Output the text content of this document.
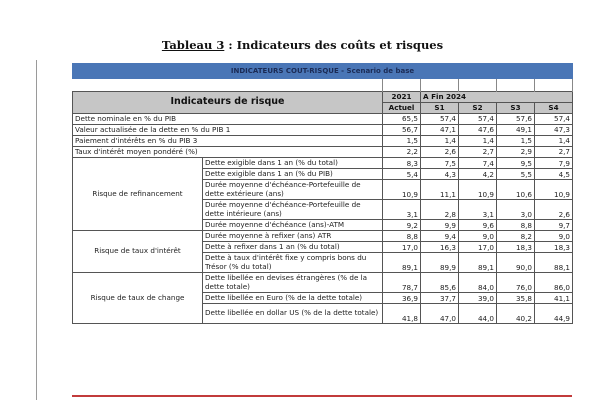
Tableau 3 : Indicateurs des coûts et risques
INDICATEURS COUT-RISQUE - Scenario de base						

Indicateurs de risque		2021	A Fin 2024			
		Actuel	S1	S2	S3	S4
Dette nominale en % du PIB		65,5	57,4	57,4	57,6	57,4
Valeur actualisée de la dette en % du PIB 1		56,7	47,1	47,6	49,1	47,3
Paiement d'intérêts en % du PIB 3		1,5	1,4	1,4	1,5	1,4
Taux d'intérêt moyen pondéré (%)		2,2	2,6	2,7	2,9	2,7
Risque de refinancement	Dette exigible dans 1 an (% du total)	8,3	7,5	7,4	9,5	7,9
	Dette exigible dans 1 an (% du PIB)	5,4	4,3	4,2	5,5	4,5
	Durée moyenne d'échéance-Portefeuille de dette extérieure (ans)	10,9	11,1	10,9	10,6	10,9
	Durée moyenne d'échéance-Portefeuille de dette intérieure (ans)	3,1	2,8	3,1	3,0	2,6
	Durée moyenne d'échéance (ans)-ATM	9,2	9,9	9,6	8,8	9,7
Risque de taux d'intérêt	Durée moyenne à refixer (ans) ATR	8,8	9,4	9,0	8,2	9,0
	Dette à refixer dans 1 an (% du total)	17,0	16,3	17,0	18,3	18,3
	Dette à taux d'intérêt fixe y compris bons du Trésor (% du total)	89,1	89,9	89,1	90,0	88,1
Risque de taux de change	Dette libellée en devises étrangères (% de la dette totale)	78,7	85,6	84,0	76,0	86,0
	Dette libellée en Euro (% de la dette totale)	36,9	37,7	39,0	35,8	41,1
	Dette libellée en dollar US (% de la dette totale)	41,8	47,0	44,0	40,2	44,9
